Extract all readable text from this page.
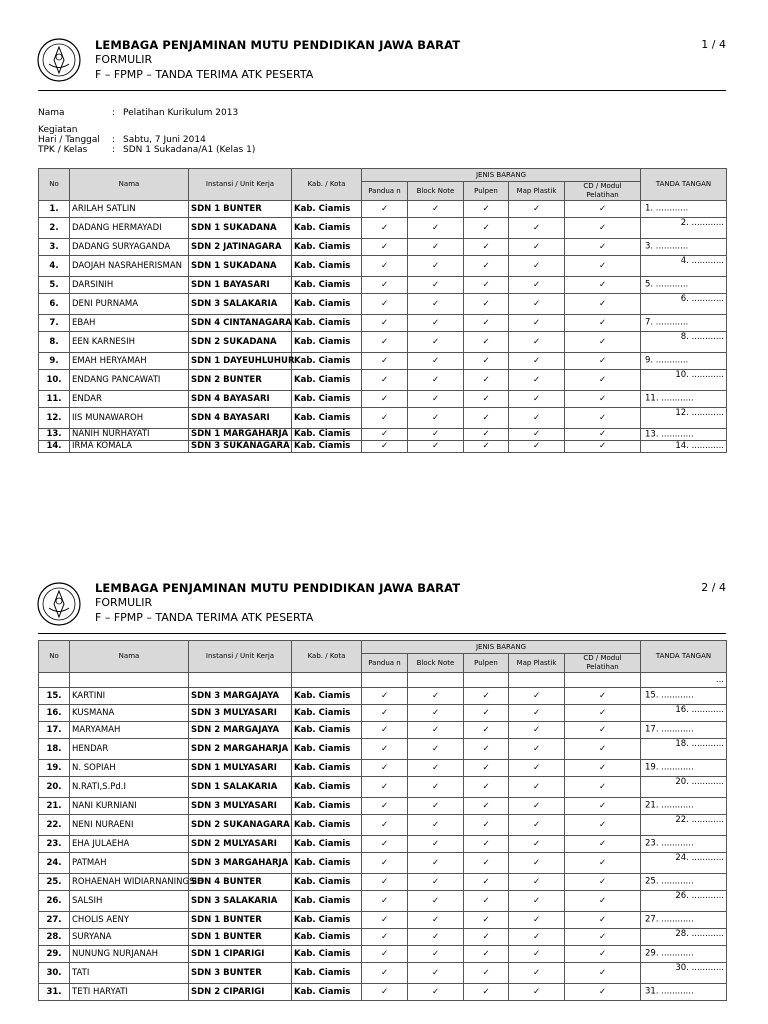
LEMBAGA PENJAMINAN MUTU PENDIDIKAN JAWA BARAT
FORMULIR
F – FPMP – TANDA TERIMA ATK PESERTA
1 / 4
Nama	: Pelatihan Kurikulum 2013
Kegiatan
Hari / Tanggal : Sabtu, 7 Juni 2014
TPK / Kelas	: SDN 1 Sukadana/A1 (Kelas 1)
No	Nama	Instansi / Unit Kerja	Kab. / Kota	JENIS BARANG					TANDA TANGAN
				Pandua n	Block Note	Pulpen	Map Plastik	CD / Modul Pelatihan	
1.	ARILAH SATLIN	SDN 1 BUNTER	Kab. Ciamis	✓	✓	✓	✓	✓	1. ............

2.	DADANG HERMAYADI	SDN 1 SUKADANA	Kab. Ciamis	✓	✓	✓	✓	✓	2. ............

3.	DADANG SURYAGANDA	SDN 2 JATINAGARA	Kab. Ciamis	✓	✓	✓	✓	✓	3. ............

4.	DAOJAH NASRAHERISMAN	SDN 1 SUKADANA	Kab. Ciamis	✓	✓	✓	✓	✓	4. ............

5.	DARSINIH	SDN 1 BAYASARI	Kab. Ciamis	✓	✓	✓	✓	✓	5. ............

6.	DENI PURNAMA	SDN 3 SALAKARIA	Kab. Ciamis	✓	✓	✓	✓	✓	6. ............

7.	EBAH	SDN 4 CINTANAGARA	Kab. Ciamis	✓	✓	✓	✓	✓	7. ............

8.	EEN KARNESIH	SDN 2 SUKADANA	Kab. Ciamis	✓	✓	✓	✓	✓	8. ............

9.	EMAH HERYAMAH	SDN 1 DAYEUHLUHUR	Kab. Ciamis	✓	✓	✓	✓	✓	9. ............

10.	ENDANG PANCAWATI	SDN 2 BUNTER	Kab. Ciamis	✓	✓	✓	✓	✓	10. ............

11.	ENDAR	SDN 4 BAYASARI	Kab. Ciamis	✓	✓	✓	✓	✓	11. ............

12.	IIS MUNAWAROH	SDN 4 BAYASARI	Kab. Ciamis	✓	✓	✓	✓	✓	12. ............

13.	NANIH NURHAYATI	SDN 1 MARGAHARJA	Kab. Ciamis	✓	✓	✓	✓	✓	13. ............

14.	IRMA KOMALA	SDN 3 SUKANAGARA	Kab. Ciamis	✓	✓	✓	✓	✓	14. ............
LEMBAGA PENJAMINAN MUTU PENDIDIKAN JAWA BARAT
FORMULIR
F – FPMP – TANDA TERIMA ATK PESERTA
2 / 4
No	Nama	Instansi / Unit Kerja	Kab. / Kota	JENIS BARANG					TANDA TANGAN
				Pandua n	Block Note	Pulpen	Map Plastik	CD / Modul Pelatihan	

									...

15.	KARTINI	SDN 3 MARGAJAYA	Kab. Ciamis	✓	✓	✓	✓	✓	15. ............

16.	KUSMANA	SDN 3 MULYASARI	Kab. Ciamis	✓	✓	✓	✓	✓	16. ............

17.	MARYAMAH	SDN 2 MARGAJAYA	Kab. Ciamis	✓	✓	✓	✓	✓	17. ............

18.	HENDAR	SDN 2 MARGAHARJA	Kab. Ciamis	✓	✓	✓	✓	✓	18. ............

19.	N. SOPIAH	SDN 1 MULYASARI	Kab. Ciamis	✓	✓	✓	✓	✓	19. ............

20.	N.RATI,S.Pd.I	SDN 1 SALAKARIA	Kab. Ciamis	✓	✓	✓	✓	✓	20. ............

21.	NANI KURNIANI	SDN 3 MULYASARI	Kab. Ciamis	✓	✓	✓	✓	✓	21. ............

22.	NENI NURAENI	SDN 2 SUKANAGARA	Kab. Ciamis	✓	✓	✓	✓	✓	22. ............

23.	EHA JULAEHA	SDN 2 MULYASARI	Kab. Ciamis	✓	✓	✓	✓	✓	23. ............

24.	PATMAH	SDN 3 MARGAHARJA	Kab. Ciamis	✓	✓	✓	✓	✓	24. ............

25.	ROHAENAH WIDIARNANINGSIH	SDN 4 BUNTER	Kab. Ciamis	✓	✓	✓	✓	✓	25. ............

26.	SALSIH	SDN 3 SALAKARIA	Kab. Ciamis	✓	✓	✓	✓	✓	26. ............

27.	CHOLIS AENY	SDN 1 BUNTER	Kab. Ciamis	✓	✓	✓	✓	✓	27. ............

28.	SURYANA	SDN 1 BUNTER	Kab. Ciamis	✓	✓	✓	✓	✓	28. ............

29.	NUNUNG NURJANAH	SDN 1 CIPARIGI	Kab. Ciamis	✓	✓	✓	✓	✓	29. ............

30.	TATI	SDN 3 BUNTER	Kab. Ciamis	✓	✓	✓	✓	✓	30. ............

31.	TETI HARYATI	SDN 2 CIPARIGI	Kab. Ciamis	✓	✓	✓	✓	✓	31. ............
